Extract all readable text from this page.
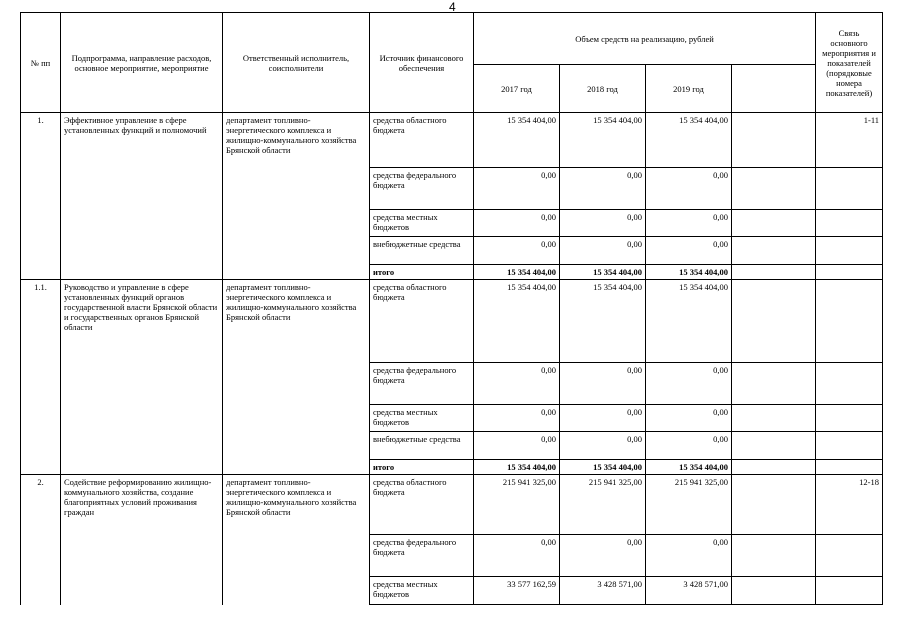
4
№ пп	Подпрограмма, направление расходов, основное мероприятие, мероприятие	Ответственный исполнитель, соисполнители	Источник финансового обеспечения	Объем средств на реализацию, рублей				Связь основного мероприятия и показателей (порядковые номера показателей)
				2017 год	2018 год	2019 год		
1.	Эффективное управление в сфере установленных функций и полномочий	департамент топливно-энергетического комплекса и жилищно-коммунального хозяйства Брянской области	средства областного бюджета	15 354 404,00	15 354 404,00	15 354 404,00		1-11
			средства федерального бюджета	0,00	0,00	0,00		
			средства местных бюджетов	0,00	0,00	0,00		
			внебюджетные средства	0,00	0,00	0,00		
			итого	15 354 404,00	15 354 404,00	15 354 404,00		
1.1.	Руководство и управление в сфере установленных функций органов государственной власти Брянской области и государственных органов Брянской области	департамент топливно-энергетического комплекса и жилищно-коммунального хозяйства Брянской области	средства областного бюджета	15 354 404,00	15 354 404,00	15 354 404,00		
			средства федерального бюджета	0,00	0,00	0,00		
			средства местных бюджетов	0,00	0,00	0,00		
			внебюджетные средства	0,00	0,00	0,00		
			итого	15 354 404,00	15 354 404,00	15 354 404,00		
2.	Содействие реформированию жилищно-коммунального хозяйства, создание благоприятных условий проживания граждан	департамент топливно-энергетического комплекса и жилищно-коммунального хозяйства Брянской области	средства областного бюджета	215 941 325,00	215 941 325,00	215 941 325,00		12-18
			средства федерального бюджета	0,00	0,00	0,00		
			средства местных бюджетов	33 577 162,59	3 428 571,00	3 428 571,00		
